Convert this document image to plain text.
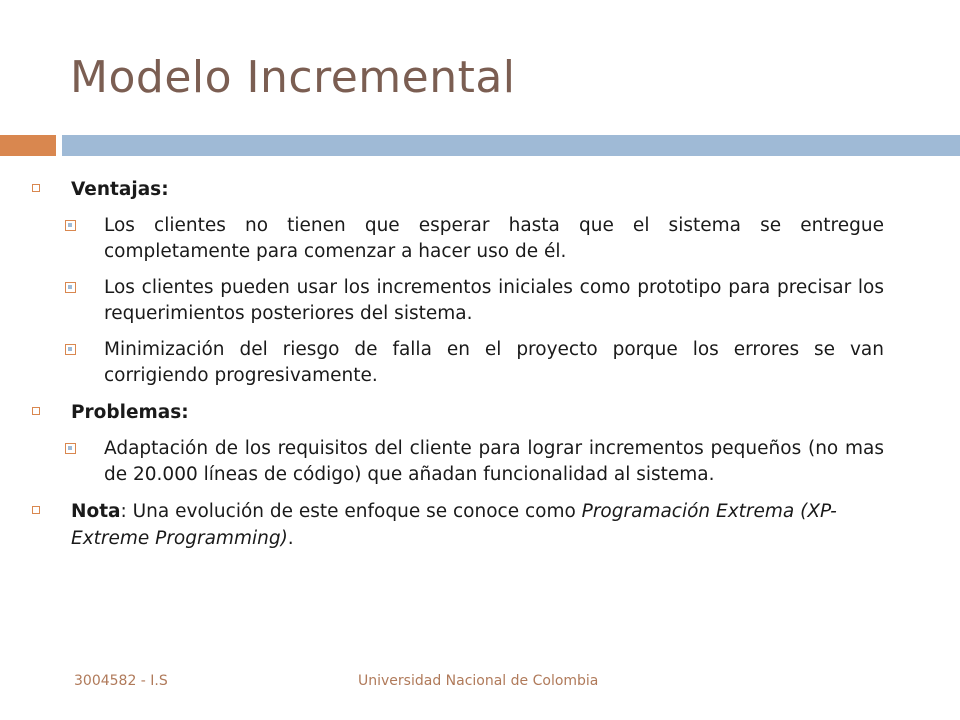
Modelo Incremental
Ventajas:
Los clientes no tienen que esperar hasta que el sistema se entregue completamente para comenzar a hacer uso de él.
Los clientes pueden usar los incrementos iniciales como prototipo para precisar los requerimientos posteriores del sistema.
Minimización del riesgo de falla en el proyecto porque los errores se van corrigiendo progresivamente.
Problemas:
Adaptación de los requisitos del cliente para lograr incrementos pequeños (no mas de 20.000 líneas de código) que añadan funcionalidad al sistema.
Nota: Una evolución de este enfoque se conoce como Programación Extrema (XP-Extreme Programming).
3004582 - I.S	Universidad Nacional de Colombia
